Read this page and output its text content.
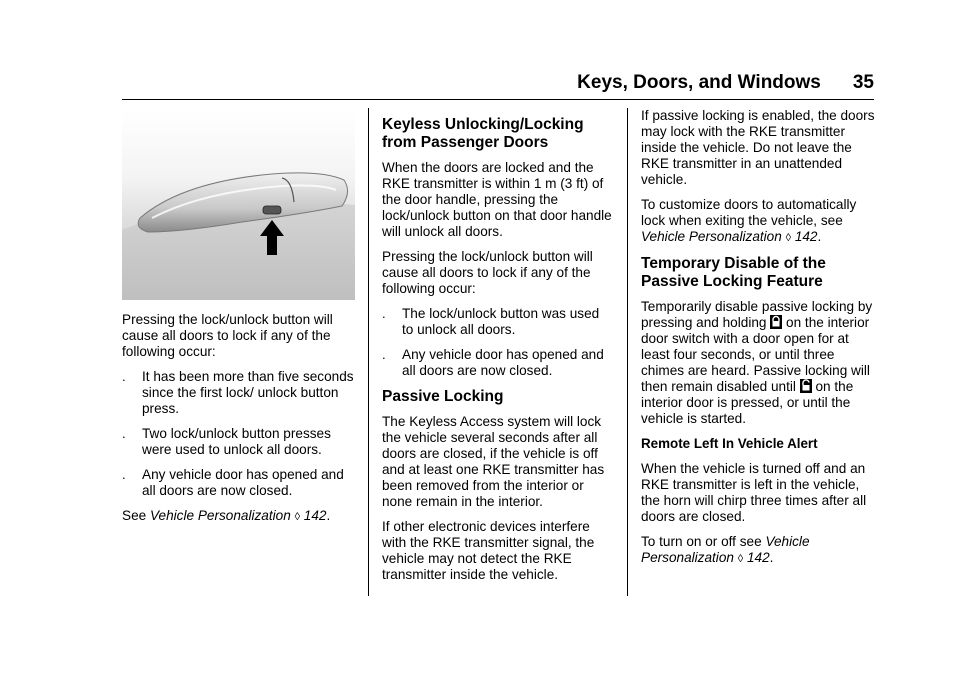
Keys, Doors, and Windows 35

Pressing the lock/unlock button will cause all doors to lock if any of the following occur:

.	It has been more than five seconds since the first lock/ unlock button press.
.	Two lock/unlock button presses were used to unlock all doors.
.	Any vehicle door has opened and all doors are now closed.

See Vehicle Personalization ◊ 142.

Keyless Unlocking/Locking from Passenger Doors

When the doors are locked and the RKE transmitter is within 1 m (3 ft) of the door handle, pressing the lock/unlock button on that door handle will unlock all doors.

Pressing the lock/unlock button will cause all doors to lock if any of the following occur:

.	The lock/unlock button was used to unlock all doors.
.	Any vehicle door has opened and all doors are now closed.
Passive Locking

The Keyless Access system will lock the vehicle several seconds after all doors are closed, if the vehicle is off and at least one RKE transmitter has been removed from the interior or none remain in the interior.

If other electronic devices interfere with the RKE transmitter signal, the vehicle may not detect the RKE transmitter inside the vehicle.

If passive locking is enabled, the doors may lock with the RKE transmitter inside the vehicle. Do not leave the RKE transmitter in an unattended vehicle.

To customize doors to automatically lock when exiting the vehicle, see Vehicle Personalization ◊ 142.

Temporary Disable of the Passive Locking Feature

Temporarily disable passive locking by pressing and holding on the interior door switch with a door open for at least four seconds, or until three chimes are heard. Passive locking will then remain disabled until on the interior door is pressed, or until the vehicle is started.

Remote Left In Vehicle Alert

When the vehicle is turned off and an RKE transmitter is left in the vehicle, the horn will chirp three times after all doors are closed.

To turn on or off see Vehicle Personalization ◊ 142.
